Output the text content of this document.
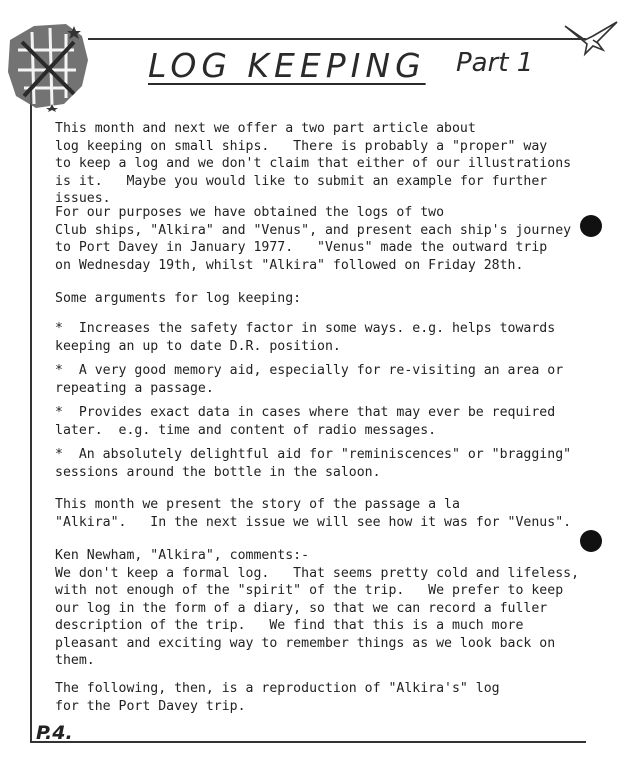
LOG KEEPING Part 1
This month and next we offer a two part article about
log keeping on small ships.   There is probably a "proper" way
to keep a log and we don't claim that either of our illustrations
is it.   Maybe you would like to submit an example for further
issues.
For our purposes we have obtained the logs of two
Club ships, "Alkira" and "Venus", and present each ship's journey
to Port Davey in January 1977.   "Venus" made the outward trip
on Wednesday 19th, whilst "Alkira" followed on Friday 28th.
Some arguments for log keeping:
*  Increases the safety factor in some ways. e.g. helps towards
keeping an up to date D.R. position.
*  A very good memory aid, especially for re-visiting an area or
repeating a passage.
*  Provides exact data in cases where that may ever be required
later.  e.g. time and content of radio messages.
*  An absolutely delightful aid for "reminiscences" or "bragging"
sessions around the bottle in the saloon.
This month we present the story of the passage a la
"Alkira".   In the next issue we will see how it was for "Venus".
Ken Newham, "Alkira", comments:-
We don't keep a formal log.   That seems pretty cold and lifeless,
with not enough of the "spirit" of the trip.   We prefer to keep
our log in the form of a diary, so that we can record a fuller
description of the trip.   We find that this is a much more
pleasant and exciting way to remember things as we look back on
them.
The following, then, is a reproduction of "Alkira's" log
for the Port Davey trip.
P.4.
